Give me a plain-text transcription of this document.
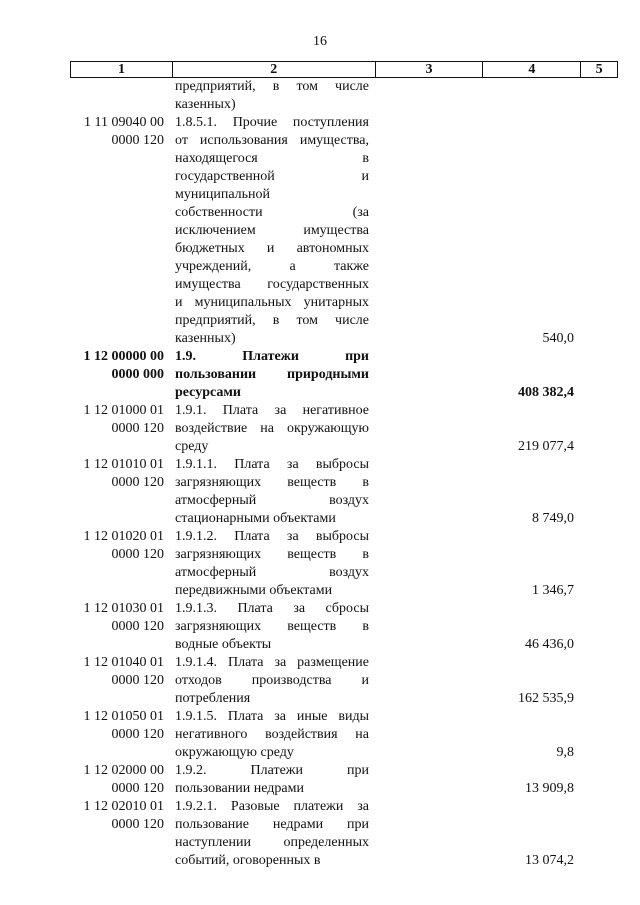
16
1	2	3	4	5
предприятий, в том числе
казенных)
1 11 09040 00 0000 120
1.8.5.1. Прочие поступления
от использования имущества,
находящегося в
государственной и
муниципальной
собственности (за
исключением имущества
бюджетных и автономных
учреждений, а также
имущества государственных
и муниципальных унитарных
предприятий, в том числе
казенных)	540,0
1 12 00000 00 0000 000
1.9. Платежи при
пользовании природными
ресурсами	408 382,4
1 12 01000 01 0000 120
1.9.1. Плата за негативное
воздействие на окружающую
среду	219 077,4
1 12 01010 01 0000 120
1.9.1.1. Плата за выбросы
загрязняющих веществ в
атмосферный воздух
стационарными объектами	8 749,0
1 12 01020 01 0000 120
1.9.1.2. Плата за выбросы
загрязняющих веществ в
атмосферный воздух
передвижными объектами	1 346,7
1 12 01030 01 0000 120
1.9.1.3. Плата за сбросы
загрязняющих веществ в
водные объекты	46 436,0
1 12 01040 01 0000 120
1.9.1.4. Плата за размещение
отходов производства и
потребления	162 535,9
1 12 01050 01 0000 120
1.9.1.5. Плата за иные виды
негативного воздействия на
окружающую среду	9,8
1 12 02000 00 0000 120
1.9.2. Платежи при
пользовании недрами	13 909,8
1 12 02010 01 0000 120
1.9.2.1. Разовые платежи за
пользование недрами при
наступлении определенных
событий, оговоренных в	13 074,2
